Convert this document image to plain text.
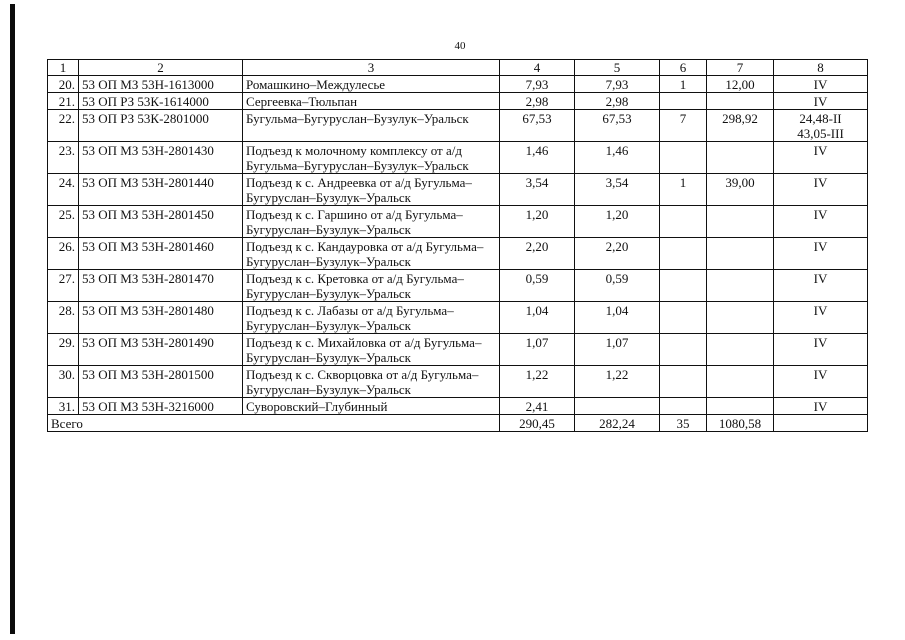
40
1	2	3	4	5	6	7	8
20.	53 ОП МЗ 53Н-1613000	Ромашкино–Междулесье	7,93	7,93	1	12,00	IV
21.	53 ОП РЗ 53К-1614000	Сергеевка–Тюльпан	2,98	2,98			IV
22.	53 ОП РЗ 53К-2801000	Бугульма–Бугуруслан–Бузулук–Уральск	67,53	67,53	7	298,92	24,48-II
43,05-III
23.	53 ОП МЗ 53Н-2801430	Подъезд к молочному комплексу от а/д Бугульма–Бугуруслан–Бузулук–Уральск	1,46	1,46			IV
24.	53 ОП МЗ 53Н-2801440	Подъезд к с. Андреевка от а/д Бугульма–Бугуруслан–Бузулук–Уральск	3,54	3,54	1	39,00	IV
25.	53 ОП МЗ 53Н-2801450	Подъезд к с. Гаршино от а/д Бугульма–Бугуруслан–Бузулук–Уральск	1,20	1,20			IV
26.	53 ОП МЗ 53Н-2801460	Подъезд к с. Кандауровка от а/д Бугульма–Бугуруслан–Бузулук–Уральск	2,20	2,20			IV
27.	53 ОП МЗ 53Н-2801470	Подъезд к с. Кретовка от а/д Бугульма–Бугуруслан–Бузулук–Уральск	0,59	0,59			IV
28.	53 ОП МЗ 53Н-2801480	Подъезд к с. Лабазы от а/д Бугульма–Бугуруслан–Бузулук–Уральск	1,04	1,04			IV
29.	53 ОП МЗ 53Н-2801490	Подъезд к с. Михайловка от а/д Бугульма–Бугуруслан–Бузулук–Уральск	1,07	1,07			IV
30.	53 ОП МЗ 53Н-2801500	Подъезд к с. Скворцовка от а/д Бугульма–Бугуруслан–Бузулук–Уральск	1,22	1,22			IV
31.	53 ОП МЗ 53Н-3216000	Суворовский–Глубинный	2,41				IV
Всего			290,45	282,24	35	1080,58	
